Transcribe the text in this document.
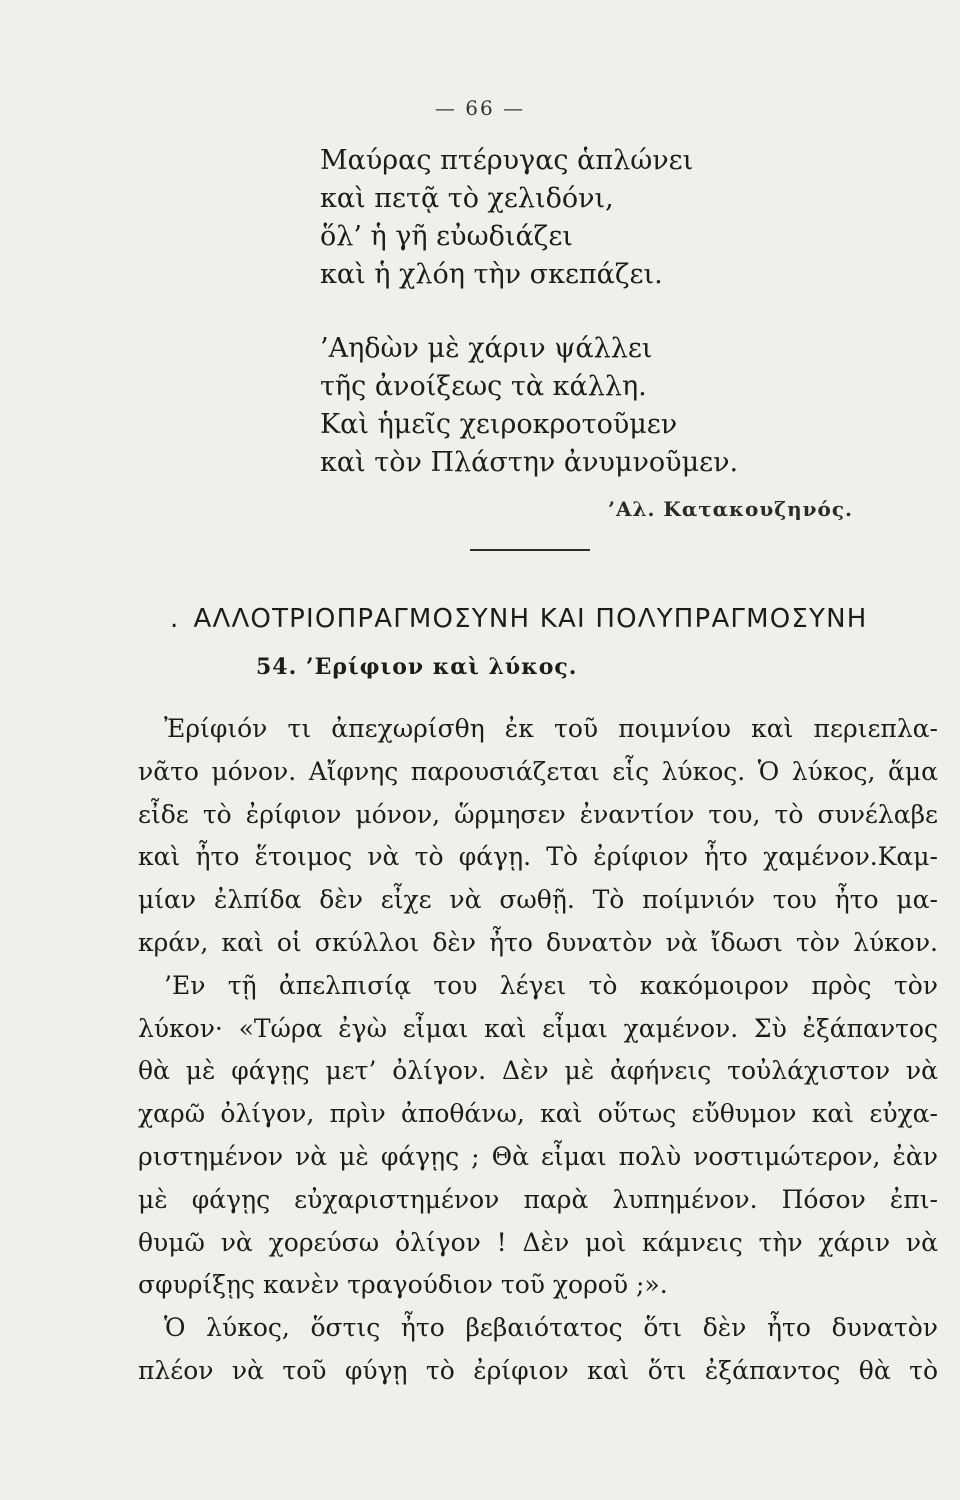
— 66 —
Μαύρας πτέρυγας ἁπλώνει
καὶ πετᾷ τὸ χελιδόνι,
ὅλ’ ἡ γῆ εὐωδιάζει
καὶ ἡ χλόη τὴν σκεπάζει.
’Αηδὼν μὲ χάριν ψάλλει
τῆς ἀνοίξεως τὰ κάλλη.
Καὶ ἡμεῖς χειροκροτοῦμεν
καὶ τὸν Πλάστην ἀνυμνοῦμεν.
’Αλ. Κατακουζηνός.
. ΑΛΛΟΤΡΙΟΠΡΑΓΜΟΣΥΝΗ ΚΑΙ ΠΟΛΥΠΡΑΓΜΟΣΥΝΗ
54. ’Ερίφιον καὶ λύκος.
Ἐρίφιόν τι ἀπεχωρίσθη ἐκ τοῦ ποιμνίου καὶ περιεπλα-
νᾶτο μόνον. Αἴφνης παρουσιάζεται εἷς λύκος. Ὁ λύκος, ἅμα
εἶδε τὸ ἐρίφιον μόνον, ὥρμησεν ἐναντίον του, τὸ συνέλαβε
καὶ ἦτο ἕτοιμος νὰ τὸ φάγῃ. Τὸ ἐρίφιον ἦτο χαμένον.Καμ-
μίαν ἐλπίδα δὲν εἶχε νὰ σωθῇ. Τὸ ποίμνιόν του ἦτο μα-
κράν, καὶ οἱ σκύλλοι δὲν ἦτο δυνατὸν νὰ ἴδωσι τὸν λύκον.
’Εν τῇ ἀπελπισίᾳ του λέγει τὸ κακόμοιρον πρὸς τὸν
λύκον· «Τώρα ἐγὼ εἶμαι καὶ εἶμαι χαμένον. Σὺ ἐξάπαντος
θὰ μὲ φάγῃς μετ’ ὀλίγον. Δὲν μὲ ἀφήνεις τοὐλάχιστον νὰ
χαρῶ ὀλίγον, πρὶν ἀποθάνω, καὶ οὕτως εὔθυμον καὶ εὐχα-
ριστημένον νὰ μὲ φάγῃς ; Θὰ εἶμαι πολὺ νοστιμώτερον, ἐὰν
μὲ φάγῃς εὐχαριστημένον παρὰ λυπημένον. Πόσον ἐπι-
θυμῶ νὰ χορεύσω ὀλίγον ! Δὲν μοὶ κάμνεις τὴν χάριν νὰ
σφυρίξῃς κανὲν τραγούδιον τοῦ χοροῦ ;».
Ὁ λύκος, ὅστις ἦτο βεβαιότατος ὅτι δὲν ἦτο δυνατὸν
πλέον νὰ τοῦ φύγῃ τὸ ἐρίφιον καὶ ὅτι ἐξάπαντος θὰ τὸ
